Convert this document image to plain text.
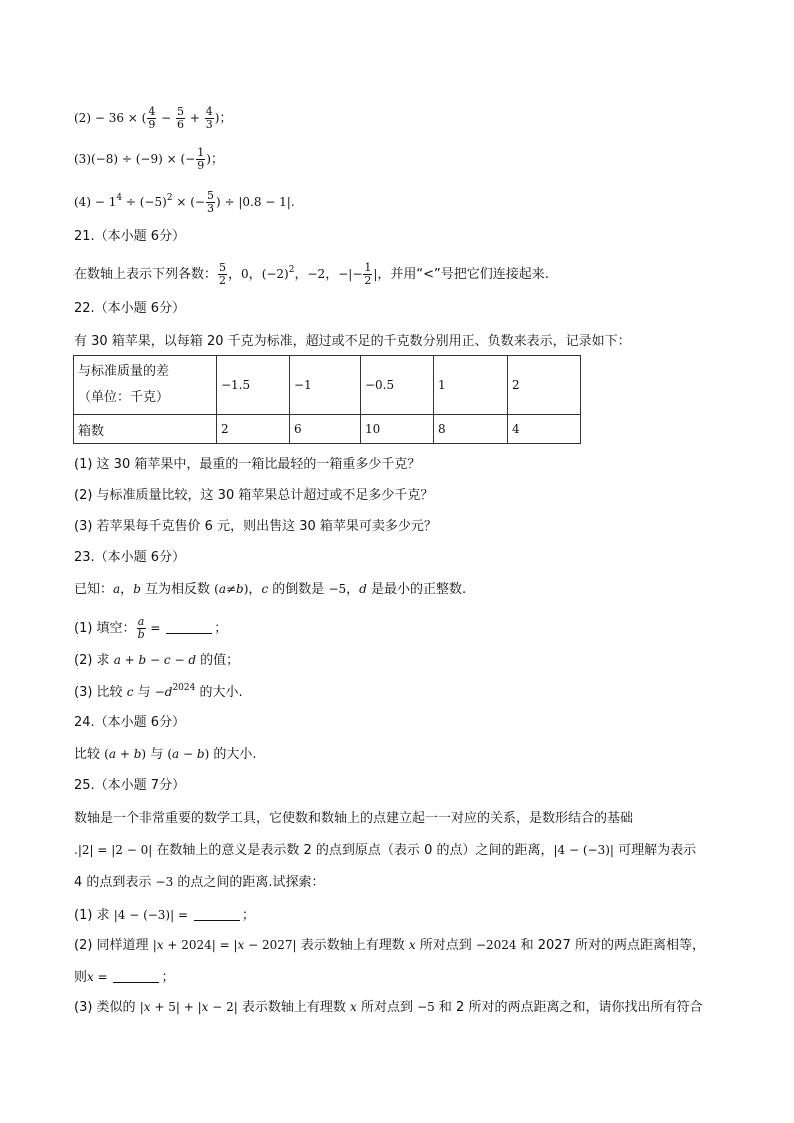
(2) − 36 × ( $\frac{4}{9} - \frac{5}{6} + \frac{4}{3}$ )；
(3)(−8) ÷ (−9) × (− $\frac{1}{9}$ )；
$(4) - 1^4 \div (-5)^2$ × (− $\frac{5}{3}$ ) ÷ |0.8 − 1|.
21.（本小题 6分）
在数轴上表示下列各数： $\frac{5}{2}$ ，0，$(-2)^2$，−2，−|− $\frac{1}{2}$ |，并用“<”号把它们连接起来.
22.（本小题 6分）
有 30 箱苹果，以每箱 20 千克为标准，超过或不足的千克数分别用正、负数来表示，记录如下：
与标准质量的差
（单位：千克）	−1.5	−1	−0.5	1	2
箱数	2	6	10	8	4
(1) 这 30 箱苹果中，最重的一箱比最轻的一箱重多少千克？
(2) 与标准质量比较，这 30 箱苹果总计超过或不足多少千克？
(3) 若苹果每千克售价 6 元，则出售这 30 箱苹果可卖多少元？
23.（本小题 6分）
已知：a，b 互为相反数 (a≠b)，c 的倒数是 −5，d 是最小的正整数.
(1) 填空： $\frac{a}{b}$ =	；
(2) 求 a + b − c − d 的值；
(3) 比较 c 与 $-d^{2024}$ 的大小.
24.（本小题 6分）
比较 (a + b) 与 (a − b) 的大小.
25.（本小题 7分）
数轴是一个非常重要的数学工具，它使数和数轴上的点建立起一一对应的关系，是数形结合的基础
.|2| = |2 − 0| 在数轴上的意义是表示数 2 的点到原点（表示 0 的点）之间的距离，|4 − (−3)| 可理解为表示
4 的点到表示 −3 的点之间的距离.试探索：
(1) 求 |4 − (−3)| =	；
(2) 同样道理 |x + 2024| = |x − 2027| 表示数轴上有理数 x 所对点到 −2024 和 2027 所对的两点距离相等，
则x =	；
(3) 类似的 |x + 5| + |x − 2| 表示数轴上有理数 x 所对点到 −5 和 2 所对的两点距离之和，请你找出所有符合
